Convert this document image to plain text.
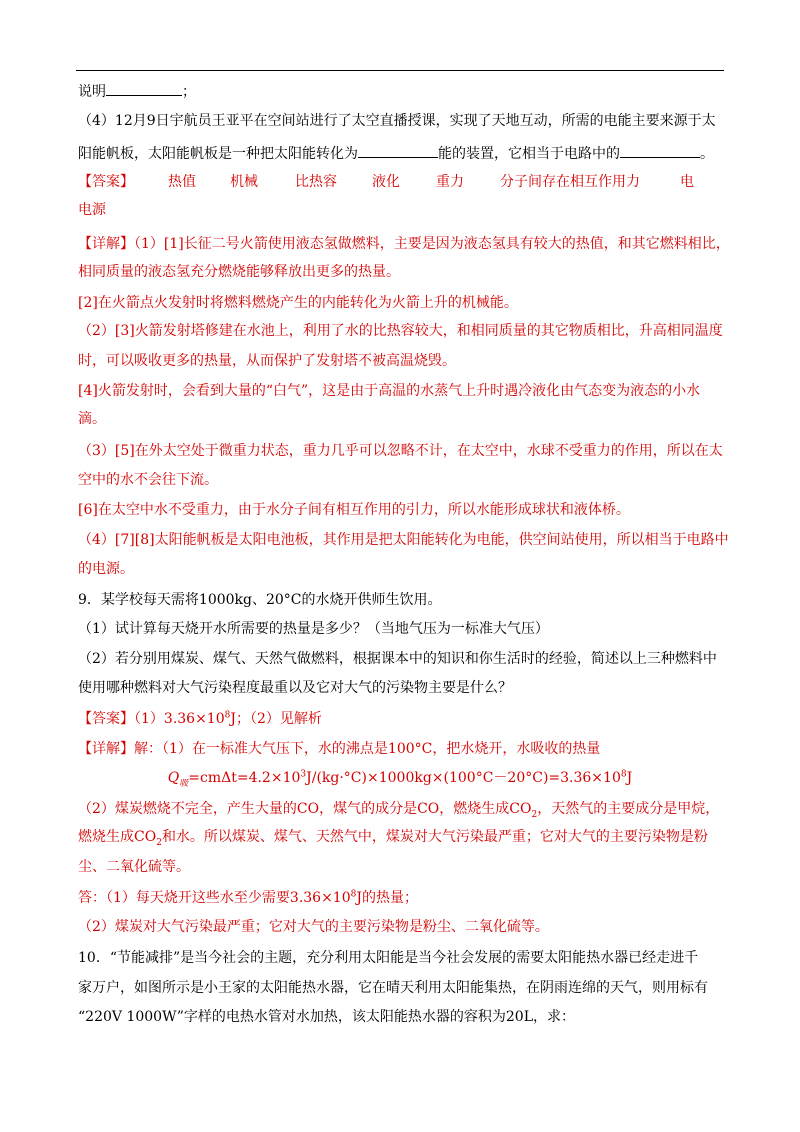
说明	；
（4）12月9日宇航员王亚平在空间站进行了太空直播授课，实现了天地互动，所需的电能主要来源于太
阳能帆板，太阳能帆板是一种把太阳能转化为	能的装置，它相当于电路中的	。
【答案】 热值 机械	比热容	液化	重力	分子间存在相互作用力	电
电源
【详解】（1）[1]长征二号火箭使用液态氢做燃料，主要是因为液态氢具有较大的热值，和其它燃料相比，
相同质量的液态氢充分燃烧能够释放出更多的热量。
[2]在火箭点火发射时将燃料燃烧产生的内能转化为火箭上升的机械能。
（2）[3]火箭发射塔修建在水池上，利用了水的比热容较大，和相同质量的其它物质相比，升高相同温度
时，可以吸收更多的热量，从而保护了发射塔不被高温烧毁。
[4]火箭发射时，会看到大量的“白气”，这是由于高温的水蒸气上升时遇冷液化由气态变为液态的小水
滴。
（3）[5]在外太空处于微重力状态，重力几乎可以忽略不计，在太空中，水球不受重力的作用，所以在太
空中的水不会往下流。
[6]在太空中水不受重力，由于水分子间有相互作用的引力，所以水能形成球状和液体桥。
（4）[7][8]太阳能帆板是太阳电池板，其作用是把太阳能转化为电能，供空间站使用，所以相当于电路中
的电源。
9．某学校每天需将1000kg、20°C的水烧开供师生饮用。
（1）试计算每天烧开水所需要的热量是多少？（当地气压为一标准大气压）
（2）若分别用煤炭、煤气、天然气做燃料，根据课本中的知识和你生活时的经验，简述以上三种燃料中
使用哪种燃料对大气污染程度最重以及它对大气的污染物主要是什么？
【答案】$(1)3.36\times 10^8J$；（2）见解析
【详解】解：（1）在一标准大气压下，水的沸点是100°C，把水烧开，水吸收的热量
$Q_吸=cm\Delta t=4.2\times 10^3J/(kg\cdot^\circ C)\times 1000kg\times(100^\circ C-20^\circ C)=3.36\times 10^8J$
（2）煤炭燃烧不完全，产生大量的CO，煤气的成分是CO，燃烧生成$CO_2$，天然气的主要成分是甲烷，
燃烧生成$CO_2$和水。所以煤炭、煤气、天然气中，煤炭对大气污染最严重；它对大气的主要污染物是粉
尘、二氧化硫等。
答：（1）每天烧开这些水至少需要$3.36\times 10^8J$的热量；
（2）煤炭对大气污染最严重；它对大气的主要污染物是粉尘、二氧化硫等。
10．“节能减排”是当今社会的主题，充分利用太阳能是当今社会发展的需要太阳能热水器已经走进千
家万户，如图所示是小王家的太阳能热水器，它在晴天利用太阳能集热，在阴雨连绵的天气，则用标有
“220V 1000W”字样的电热水管对水加热，该太阳能热水器的容积为20L，求：
